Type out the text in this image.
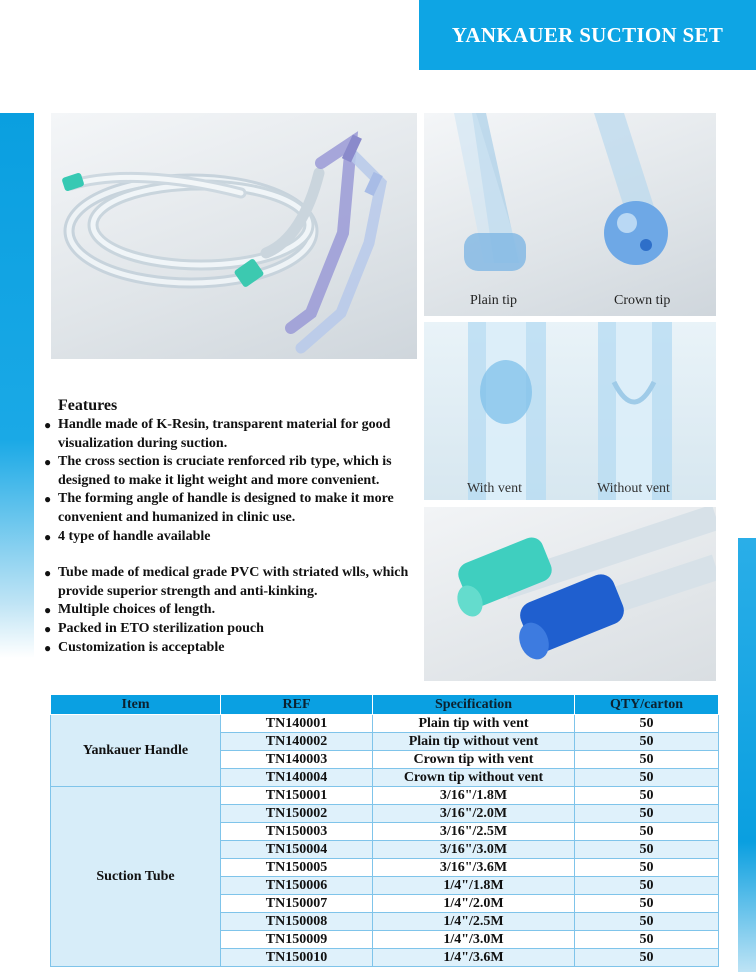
YANKAUER SUCTION SET
Plain tip	Crown tip
With vent	Without vent
Features
● Handle made of K-Resin, transparent material for good visualization during suction.
● The cross section is cruciate renforced rib type, which is designed to make it light weight and more convenient.
● The forming angle of handle is designed to make it more convenient and humanized in clinic use.
● 4 type of handle available
● Tube made of medical grade PVC with striated wlls, which provide superior strength and anti-kinking.
● Multiple choices of length.
● Packed in ETO sterilization pouch
● Customization is acceptable
Item	REF	Specification	QTY/carton
Yankauer Handle	TN140001	Plain tip with vent	50
	TN140002	Plain tip without vent	50
	TN140003	Crown tip with vent	50
	TN140004	Crown tip without vent	50
Suction Tube	TN150001	3/16"/1.8M	50
	TN150002	3/16"/2.0M	50
	TN150003	3/16"/2.5M	50
	TN150004	3/16"/3.0M	50
	TN150005	3/16"/3.6M	50
	TN150006	1/4"/1.8M	50
	TN150007	1/4"/2.0M	50
	TN150008	1/4"/2.5M	50
	TN150009	1/4"/3.0M	50
	TN150010	1/4"/3.6M	50
